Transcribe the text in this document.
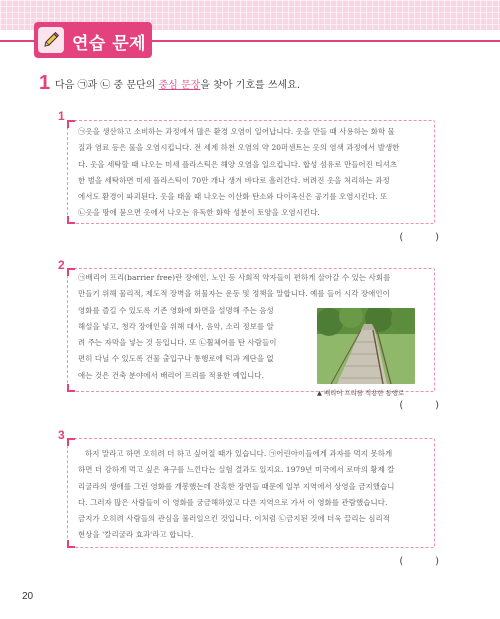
연습 문제
1 다음 ㉠과 ㉡ 중 문단의 중심 문장을 찾아 기호를 쓰세요.
1
㉠옷을 생산하고 소비하는 과정에서 많은 환경 오염이 일어납니다. 옷을 만들 때 사용하는 화학 물
질과 염료 등은 물을 오염시킵니다. 전 세계 하천 오염의 약 20퍼센트는 옷의 염색 과정에서 발생한
다. 옷을 세탁할 때 나오는 미세 플라스틱은 해양 오염을 일으킵니다. 합성 섬유로 만들어진 티셔츠
한 벌을 세탁하면 미세 플라스틱이 70만 개나 생겨 바다로 흘러간다. 버려진 옷을 처리하는 과정
에서도 환경이 파괴된다. 옷을 태울 때 나오는 이산화 탄소와 다이옥신은 공기를 오염시킨다. 또
㉡옷을 땅에 묻으면 옷에서 나오는 유독한 화학 성분이 토양을 오염시킨다.
(          )
2
㉠배리어 프리(barrier free)란 장애인, 노인 등 사회적 약자들이 편하게 살아갈 수 있는 사회를
만들기 위해 물리적, 제도적 장벽을 허물자는 운동 및 정책을 말합니다. 예를 들어 시각 장애인이
영화를 즐길 수 있도록 기존 영화에 화면을 설명해 주는 음성
해설을 넣고, 청각 장애인을 위해 대사, 음악, 소리 정보를 알
려 주는 자막을 넣는 것 등입니다. 또 ㉡휠체어를 탄 사람들이
편히 다닐 수 있도록 건물 출입구나 통행로에 턱과 계단을 없
애는 것은 건축 분야에서 배리어 프리를 적용한 예입니다.
▲ 배리어 프리를 적용한 통행로
(          )
3
하지 말라고 하면 오히려 더 하고 싶어질 때가 있습니다. ㉠어린아이들에게 과자를 먹지 못하게
하면 더 강하게 먹고 싶은 욕구를 느낀다는 실험 결과도 있지요. 1979년 미국에서 로마의 황제 칼
리굴라의 생애를 그린 영화를 개봉했는데 잔혹한 장면들 때문에 일부 지역에서 상영을 금지했습니
다. 그러자 많은 사람들이 이 영화를 궁금해하였고 다른 지역으로 가서 이 영화를 관람했습니다.
금지가 오히려 사람들의 관심을 불러일으킨 것입니다. 이처럼 ㉡금지된 것에 더욱 끌리는 심리적
현상을 '칼리굴라 효과'라고 합니다.
(          )
20
